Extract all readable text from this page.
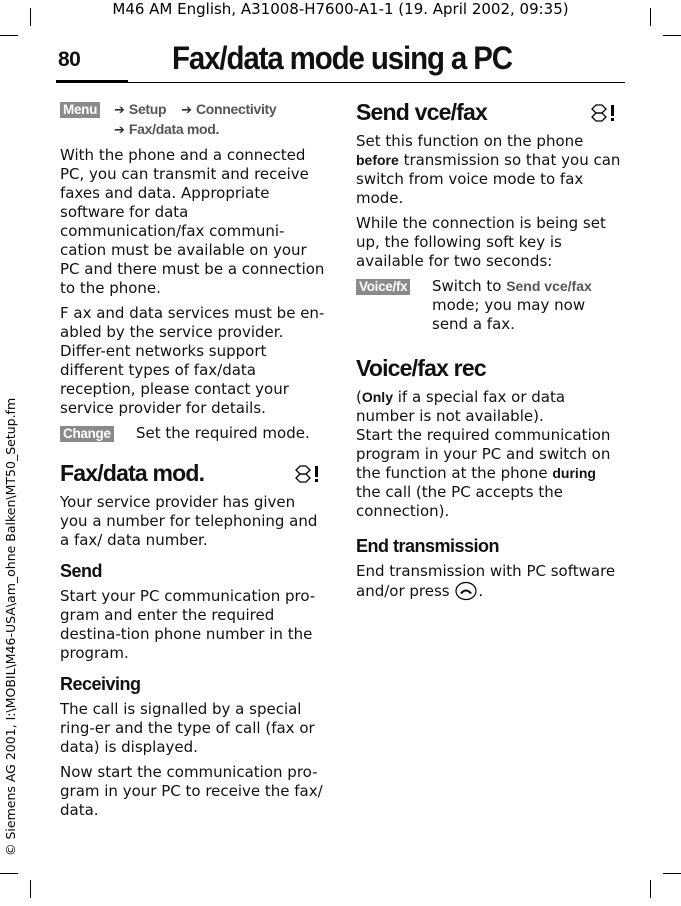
M46 AM English, A31008-H7600-A1-1 (19. April 2002, 09:35)
80	Fax/data mode using a PC
© Siemens AG 2001, I:\MOBIL\M46-USA\am_ohne Balken\MT50_Setup.fm
Menu	➔ Setup ➔ Connectivity
➔ Fax/data mod.

With the phone and a connected PC, you can transmit and receive faxes and data. Appropriate software for data communication/fax communi-cation must be available on your PC and there must be a connection to the phone.

F ax and data services must be en-abled by the service provider. Differ-ent networks support different types of fax/data reception, please contact your service provider for details.

Change	Set the required mode.
Fax/data mod.

Your service provider has given you a number for telephoning and a fax/ data number.

Send

Start your PC communication pro-gram and enter the required destina-tion phone number in the program.

Receiving

The call is signalled by a special ring-er and the type of call (fax or data) is displayed.

Now start the communication pro-gram in your PC to receive the fax/ data.

Send vce/fax

Set this function on the phone before transmission so that you can switch from voice mode to fax mode.

While the connection is being set up, the following soft key is available for two seconds:

Voice/fx	Switch to Send vce/fax mode; you may now send a fax.
Voice/fax rec

(Only if a special fax or data number is not available).

Start the required communication program in your PC and switch on the function at the phone during the call (the PC accepts the connection).

End transmission

End transmission with PC software and/or press .
